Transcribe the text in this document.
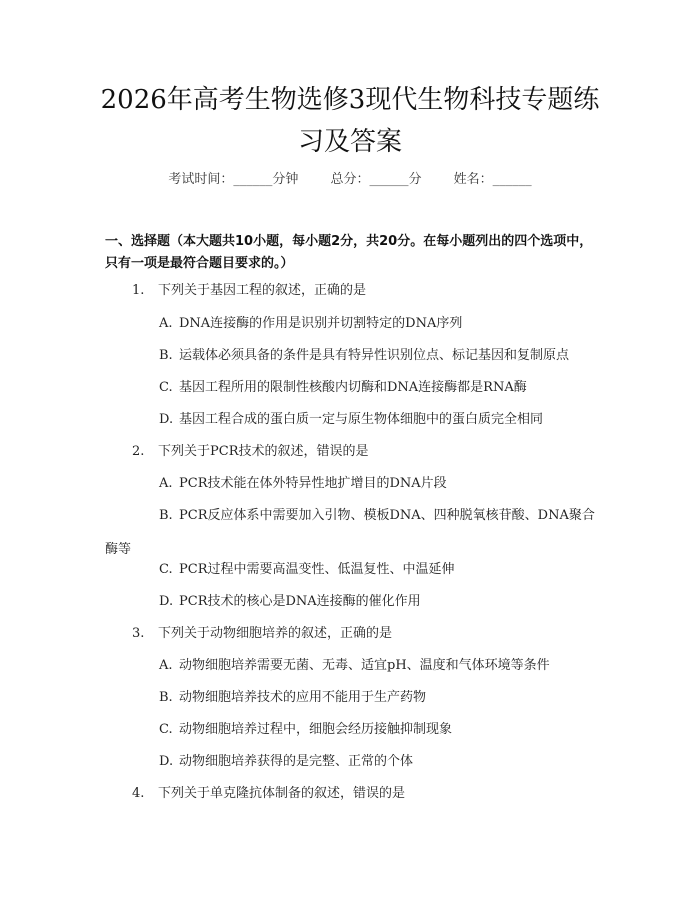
2026年高考生物选修3现代生物科技专题练
习及答案
考试时间：______分钟 总分：______分 姓名：______
一、选择题（本大题共10小题，每小题2分，共20分。在每小题列出的四个选项中，只有一项是最符合题目要求的。）
1. 下列关于基因工程的叙述，正确的是
A. DNA连接酶的作用是识别并切割特定的DNA序列
B. 运载体必须具备的条件是具有特异性识别位点、标记基因和复制原点
C. 基因工程所用的限制性核酸内切酶和DNA连接酶都是RNA酶
D. 基因工程合成的蛋白质一定与原生物体细胞中的蛋白质完全相同
2. 下列关于PCR技术的叙述，错误的是
A. PCR技术能在体外特异性地扩增目的DNA片段
B. PCR反应体系中需要加入引物、模板DNA、四种脱氧核苷酸、DNA聚合
酶等
C. PCR过程中需要高温变性、低温复性、中温延伸
D. PCR技术的核心是DNA连接酶的催化作用
3. 下列关于动物细胞培养的叙述，正确的是
A. 动物细胞培养需要无菌、无毒、适宜pH、温度和气体环境等条件
B. 动物细胞培养技术的应用不能用于生产药物
C. 动物细胞培养过程中，细胞会经历接触抑制现象
D. 动物细胞培养获得的是完整、正常的个体
4. 下列关于单克隆抗体制备的叙述，错误的是
